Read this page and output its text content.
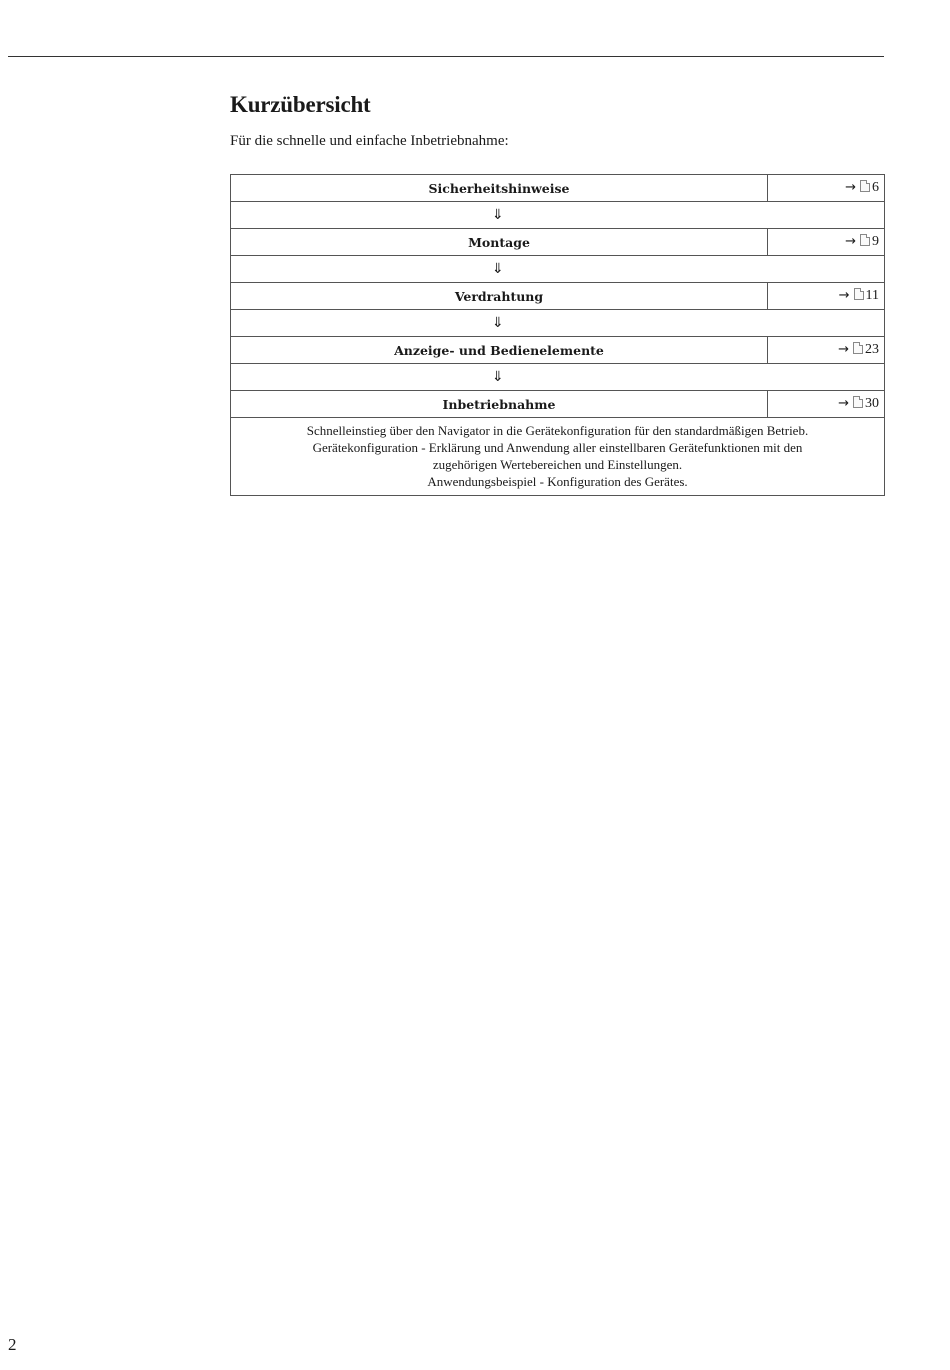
Kurzübersicht

Für die schnelle und einfache Inbetriebnahme:

Sicherheitshinweise	→ 6
⇓	
Montage	→ 9
⇓	
Verdrahtung	→ 11
⇓	
Anzeige- und Bedienelemente	→ 23
⇓	
Inbetriebnahme	→ 30

Schnelleinstieg über den Navigator in die Gerätekonfiguration für den standardmäßigen Betrieb.
Gerätekonfiguration - Erklärung und Anwendung aller einstellbaren Gerätefunktionen mit den
zugehörigen Wertebereichen und Einstellungen.
Anwendungsbeispiel - Konfiguration des Gerätes.	
2
